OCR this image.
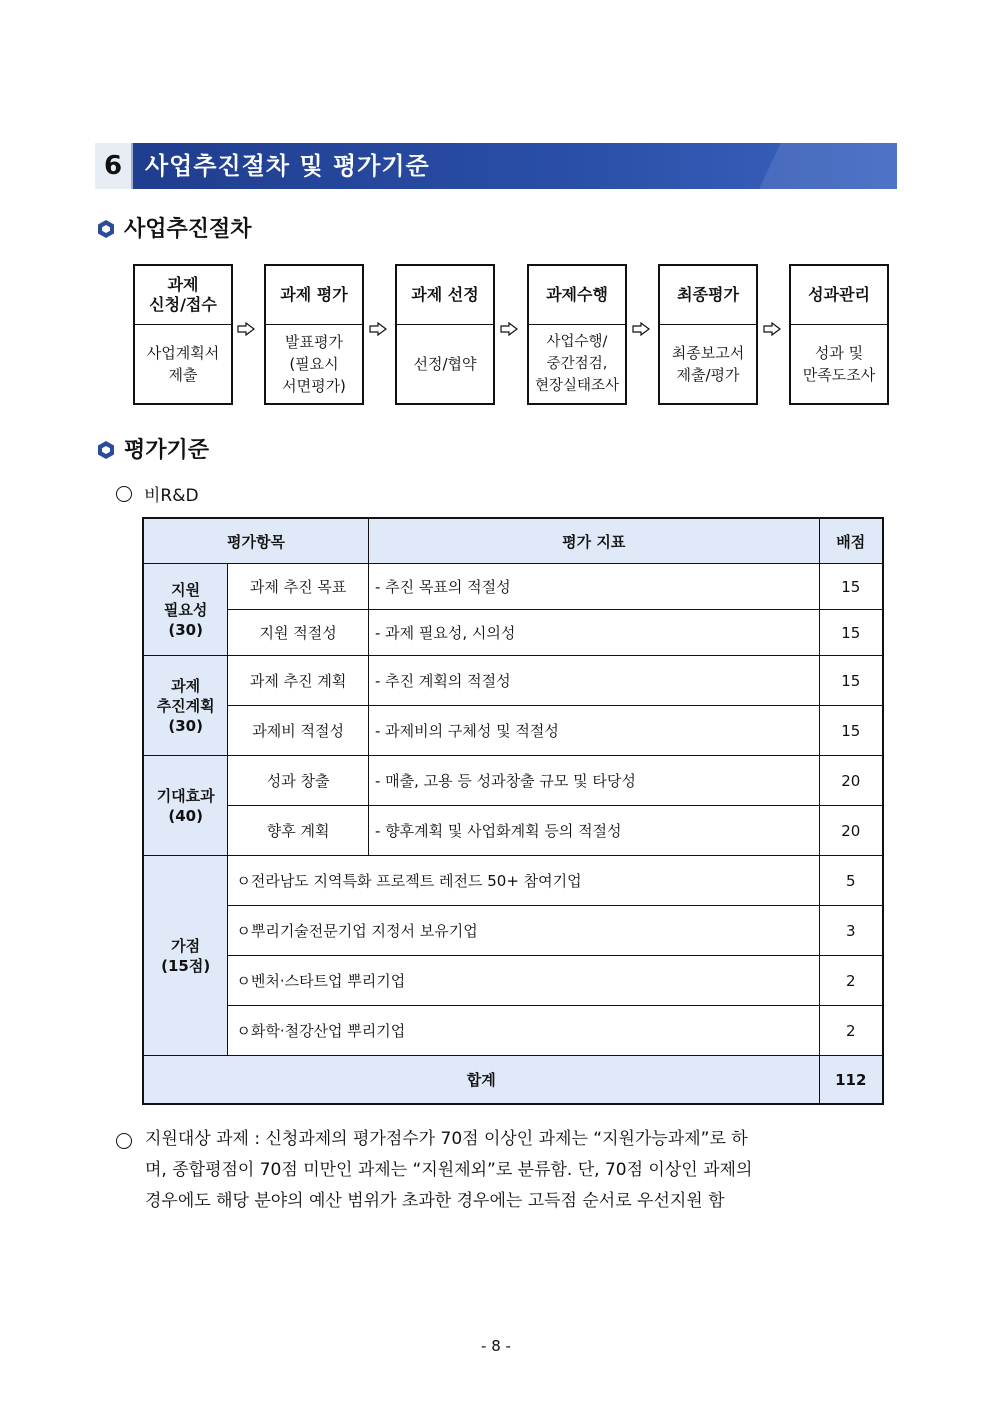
6 사업추진절차 및 평가기준
사업추진절차
과제
신청/접수
사업계획서
제출
과제 평가
발표평가
(필요시
서면평가)
과제 선정
선정/협약
과제수행
사업수행/
중간점검,
현장실태조사
최종평가
최종보고서
제출/평가
성과관리
성과 및
만족도조사
평가기준
비R&D
평가항목		평가 지표	배점
지원
필요성
(30)	과제 추진 목표	- 추진 목표의 적절성	15
	지원 적절성	- 과제 필요성, 시의성	15
과제
추진계획
(30)	과제 추진 계획	- 추진 계획의 적절성	15
	과제비 적절성	- 과제비의 구체성 및 적절성	15
기대효과
(40)	성과 창출	- 매출, 고용 등 성과창출 규모 및 타당성	20
	향후 계획	- 향후계획 및 사업화계획 등의 적절성	20
가점
(15점)	ㅇ전라남도 지역특화 프로젝트 레전드 50+ 참여기업		5
	ㅇ뿌리기술전문기업 지정서 보유기업		3
	ㅇ벤처·스타트업 뿌리기업		2
	ㅇ화학·철강산업 뿌리기업		2
합계			112
지원대상 과제 : 신청과제의 평가점수가 70점 이상인 과제는 “지원가능과제”로 하
며, 종합평점이 70점 미만인 과제는 “지원제외”로 분류함. 단, 70점 이상인 과제의
경우에도 해당 분야의 예산 범위가 초과한 경우에는 고득점 순서로 우선지원 함
- 8 -
